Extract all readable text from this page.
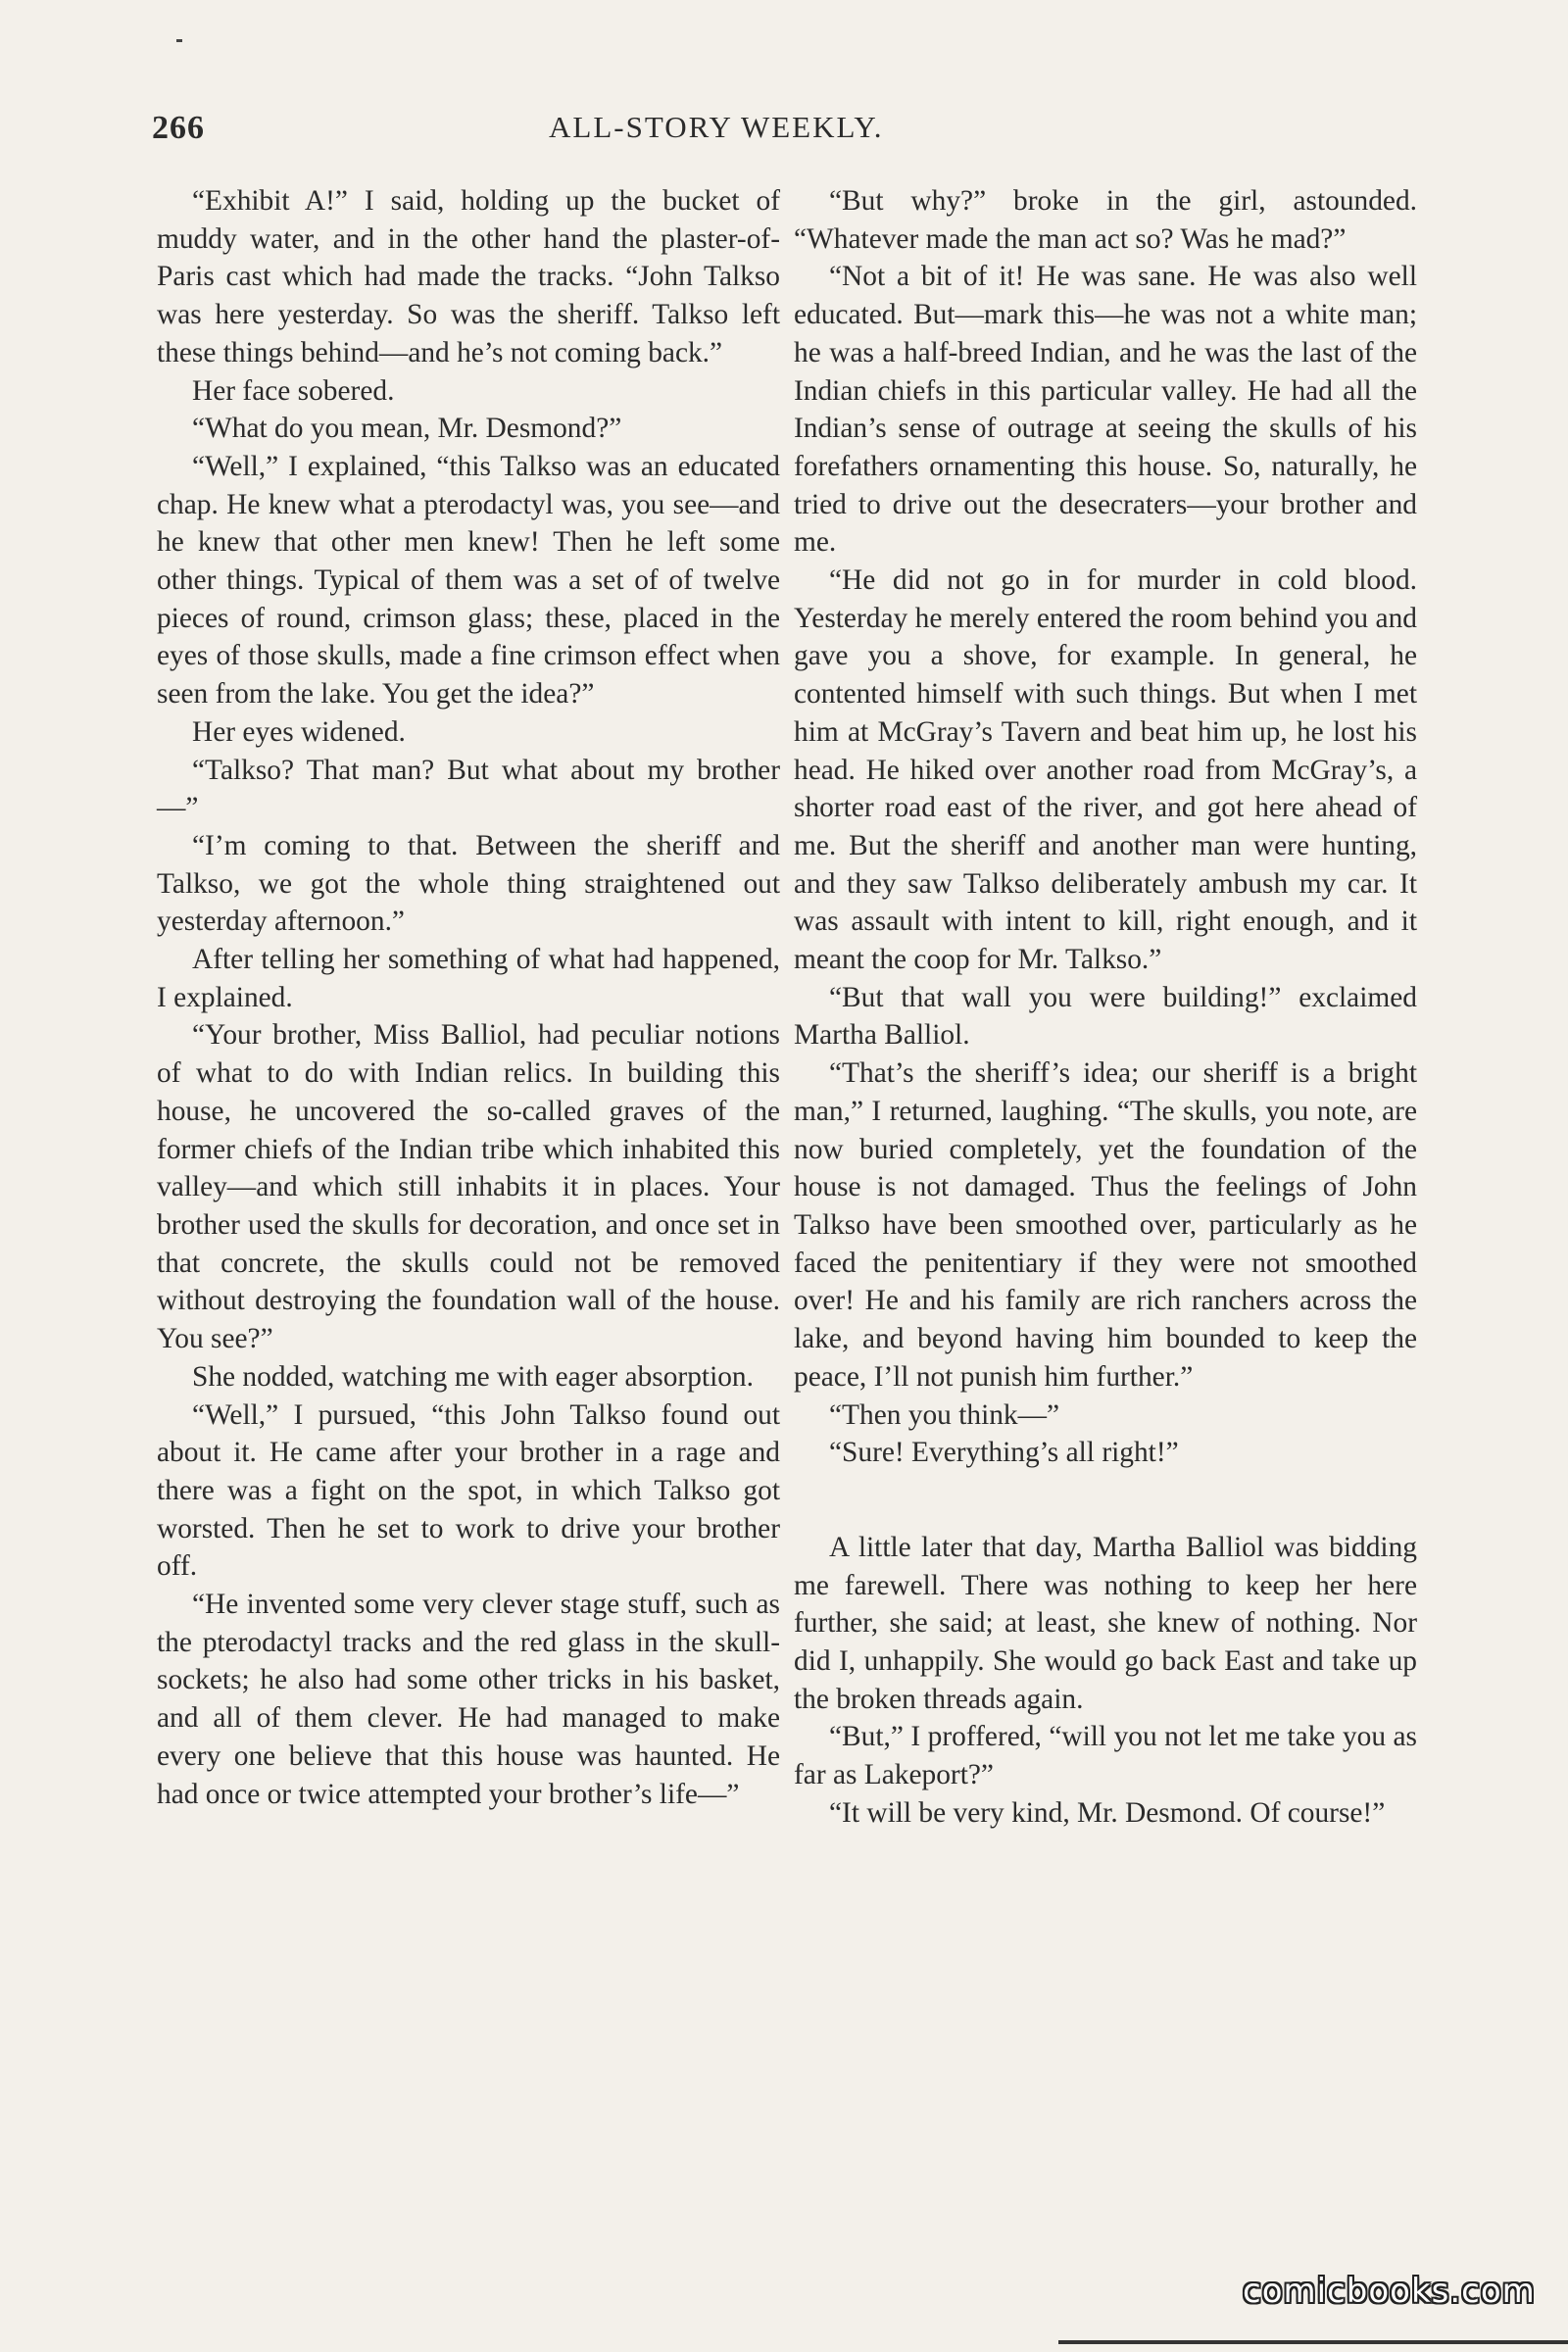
266	ALL-STORY WEEKLY.

“Exhibit A!” I said, holding up the bucket of muddy water, and in the other hand the plaster-of-Paris cast which had made the tracks. “John Talkso was here yesterday. So was the sheriff. Talkso left these things behind—and he’s not coming back.”

Her face sobered.

“What do you mean, Mr. Desmond?”

“Well,” I explained, “this Talkso was an educated chap. He knew what a pterodactyl was, you see—and he knew that other men knew! Then he left some other things. Typical of them was a set of of twelve pieces of round, crimson glass; these, placed in the eyes of those skulls, made a fine crimson effect when seen from the lake. You get the idea?”

Her eyes widened.

“Talkso? That man? But what about my brother—”

“I’m coming to that. Between the sheriff and Talkso, we got the whole thing straightened out yesterday afternoon.”

After telling her something of what had happened, I explained.

“Your brother, Miss Balliol, had peculiar notions of what to do with Indian relics. In building this house, he uncovered the so-called graves of the former chiefs of the Indian tribe which inhabited this valley—and which still inhabits it in places. Your brother used the skulls for decoration, and once set in that concrete, the skulls could not be removed without destroying the foundation wall of the house. You see?”

She nodded, watching me with eager absorption.

“Well,” I pursued, “this John Talkso found out about it. He came after your brother in a rage and there was a fight on the spot, in which Talkso got worsted. Then he set to work to drive your brother off.

“He invented some very clever stage stuff, such as the pterodactyl tracks and the red glass in the skull-sockets; he also had some other tricks in his basket, and all of them clever. He had managed to make every one believe that this house was haunted. He had once or twice attempted your brother’s life—”

“But why?” broke in the girl, astounded. “Whatever made the man act so? Was he mad?”

“Not a bit of it! He was sane. He was also well educated. But—mark this—he was not a white man; he was a half-breed Indian, and he was the last of the Indian chiefs in this particular valley. He had all the Indian’s sense of outrage at seeing the skulls of his forefathers ornamenting this house. So, naturally, he tried to drive out the desecraters—your brother and me.

“He did not go in for murder in cold blood. Yesterday he merely entered the room behind you and gave you a shove, for example. In general, he contented himself with such things. But when I met him at McGray’s Tavern and beat him up, he lost his head. He hiked over another road from McGray’s, a shorter road east of the river, and got here ahead of me. But the sheriff and another man were hunting, and they saw Talkso deliberately ambush my car. It was assault with intent to kill, right enough, and it meant the coop for Mr. Talkso.”

“But that wall you were building!” exclaimed Martha Balliol.

“That’s the sheriff’s idea; our sheriff is a bright man,” I returned, laughing. “The skulls, you note, are now buried completely, yet the foundation of the house is not damaged. Thus the feelings of John Talkso have been smoothed over, particularly as he faced the penitentiary if they were not smoothed over! He and his family are rich ranchers across the lake, and beyond having him bounded to keep the peace, I’ll not punish him further.”

“Then you think—”

“Sure! Everything’s all right!”

A little later that day, Martha Balliol was bidding me farewell. There was nothing to keep her here further, she said; at least, she knew of nothing. Nor did I, unhappily. She would go back East and take up the broken threads again.

“But,” I proffered, “will you not let me take you as far as Lakeport?”

“It will be very kind, Mr. Desmond. Of course!”

comicbooks.com
